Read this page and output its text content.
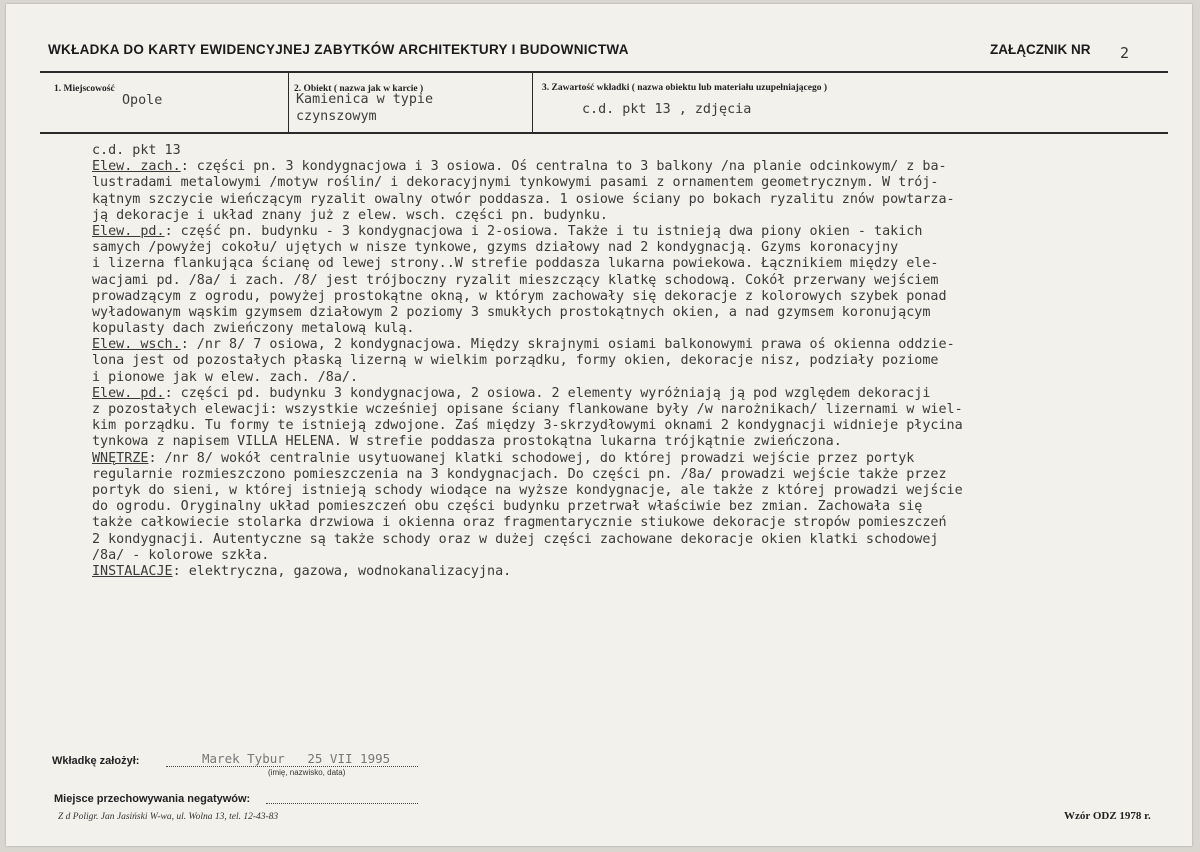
WKŁADKA DO KARTY EWIDENCYJNEJ ZABYTKÓW ARCHITEKTURY I BUDOWNICTWA	ZAŁĄCZNIK NR 2
1. Miejscowość
Opole
2. Obiekt ( nazwa jak w karcie )
Kamienica w typie
czynszowym
3. Zawartość wkładki ( nazwa obiektu lub materiału uzupełniającego )
c.d. pkt 13 , zdjęcia
c.d. pkt 13
Elew. zach.: części pn. 3 kondygnacjowa i 3 osiowa. Oś centralna to 3 balkony /na planie odcinkowym/ z ba-
lustradami metalowymi /motyw roślin/ i dekoracyjnymi tynkowymi pasami z ornamentem geometrycznym. W trój-
kątnym szczycie wieńczącym ryzalit owalny otwór poddasza. 1 osiowe ściany po bokach ryzalitu znów powtarza-
ją dekoracje i układ znany już z elew. wsch. części pn. budynku.
Elew. pd.: część pn. budynku - 3 kondygnacjowa i 2-osiowa. Także i tu istnieją dwa piony okien - takich
samych /powyżej cokołu/ ujętych w nisze tynkowe, gzyms działowy nad 2 kondygnacją. Gzyms koronacyjny
i lizerna flankująca ścianę od lewej strony..W strefie poddasza lukarna powiekowa. Łącznikiem między ele-
wacjami pd. /8a/ i zach. /8/ jest trójboczny ryzalit mieszczący klatkę schodową. Cokół przerwany wejściem
prowadzącym z ogrodu, powyżej prostokątne okną, w którym zachowały się dekoracje z kolorowych szybek ponad
wyładowanym wąskim gzymsem działowym 2 poziomy 3 smukłych prostokątnych okien, a nad gzymsem koronującym
kopulasty dach zwieńczony metalową kulą.
Elew. wsch.: /nr 8/ 7 osiowa, 2 kondygnacjowa. Między skrajnymi osiami balkonowymi prawa oś okienna oddzie-
lona jest od pozostałych płaską lizerną w wielkim porządku, formy okien, dekoracje nisz, podziały poziome
i pionowe jak w elew. zach. /8a/.
Elew. pd.: części pd. budynku 3 kondygnacjowa, 2 osiowa. 2 elementy wyróżniają ją pod względem dekoracji
z pozostałych elewacji: wszystkie wcześniej opisane ściany flankowane były /w narożnikach/ lizernami w wiel-
kim porządku. Tu formy te istnieją zdwojone. Zaś między 3-skrzydłowymi oknami 2 kondygnacji widnieje płycina
tynkowa z napisem VILLA HELENA. W strefie poddasza prostokątna lukarna trójkątnie zwieńczona.
WNĘTRZE: /nr 8/ wokół centralnie usytuowanej klatki schodowej, do której prowadzi wejście przez portyk
regularnie rozmieszczono pomieszczenia na 3 kondygnacjach. Do części pn. /8a/ prowadzi wejście także przez
portyk do sieni, w której istnieją schody wiodące na wyższe kondygnacje, ale także z której prowadzi wejście
do ogrodu. Oryginalny układ pomieszczeń obu części budynku przetrwał właściwie bez zmian. Zachowała się
także całkowiecie stolarka drzwiowa i okienna oraz fragmentarycznie stiukowe dekoracje stropów pomieszczeń
2 kondygnacji. Autentyczne są także schody oraz w dużej części zachowane dekoracje okien klatki schodowej
/8a/ - kolorowe szkła.
INSTALACJE: elektryczna, gazowa, wodnokanalizacyjna.
Wkładkę założył:	Marek Tybur   25 VII 1995
(imię, nazwisko, data)
Miejsce przechowywania negatywów:
Z d Poligr. Jan Jasiński W-wa, ul. Wolna 13, tel. 12-43-83	Wzór ODZ 1978 r.
